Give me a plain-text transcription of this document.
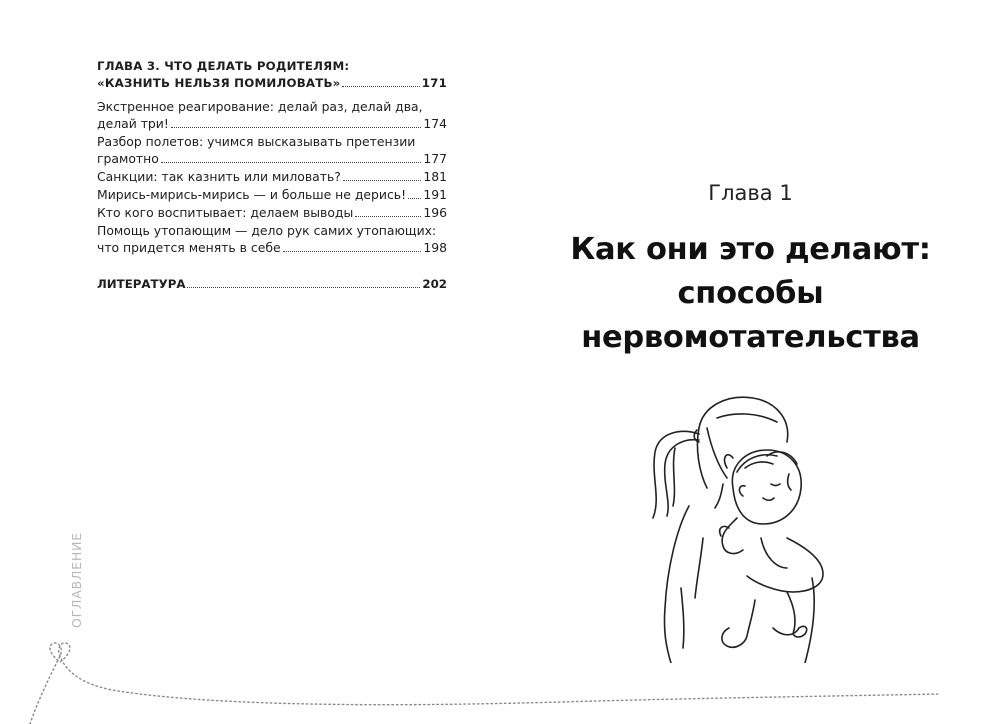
ГЛАВА 3. ЧТО ДЕЛАТЬ РОДИТЕЛЯМ:
«КАЗНИТЬ НЕЛЬЗЯ ПОМИЛОВАТЬ»	171
Экстренное реагирование: делай раз, делай два,
делай три!	174
Разбор полетов: учимся высказывать претензии
грамотно	177
Санкции: так казнить или миловать?	181
Мирись-мирись-мирись — и больше не дерись! 191
Кто кого воспитывает: делаем выводы	196
Помощь утопающим — дело рук самих утопающих:
что придется менять в себе	198
ЛИТЕРАТУРА	202
ОГЛАВЛЕНИЕ
Глава 1
Как они это делают:
способы
нервомотательства
